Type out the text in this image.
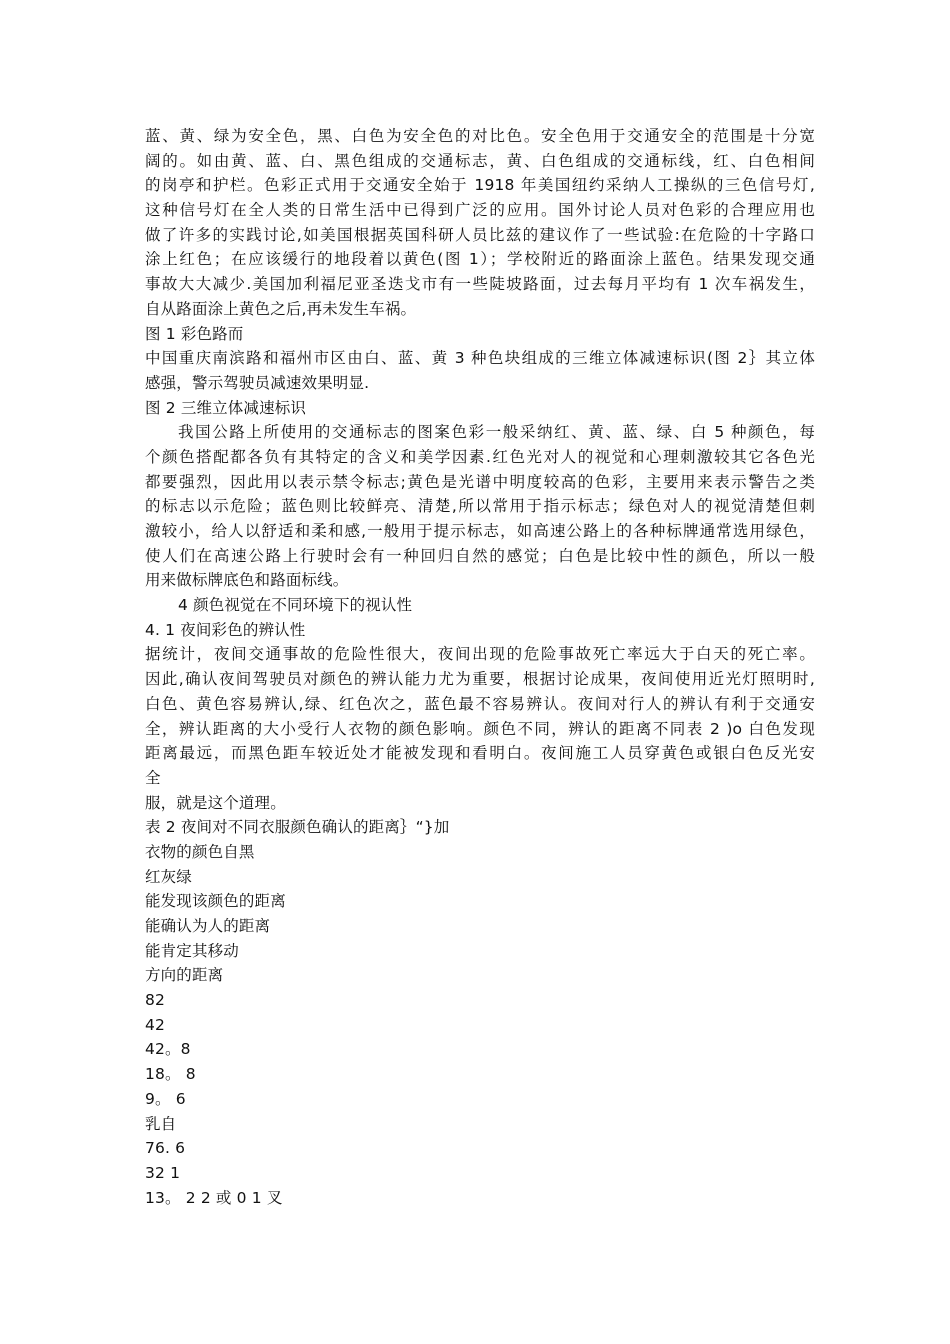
蓝、黄、绿为安全色，黑、白色为安全色的对比色。安全色用于交通安全的范围是十分宽
阔的。如由黄、蓝、白、黑色组成的交通标志，黄、白色组成的交通标线，红、白色相间
的岗亭和护栏。色彩正式用于交通安全始于 1918 年美国纽约采纳人工操纵的三色信号灯,
这种信号灯在全人类的日常生活中已得到广泛的应用。国外讨论人员对色彩的合理应用也
做了许多的实践讨论,如美国根据英国科研人员比兹的建议作了一些试验:在危险的十字路口
涂上红色；在应该缓行的地段着以黄色(图 1）；学校附近的路面涂上蓝色。结果发现交通
事故大大减少.美国加利福尼亚圣迭戈市有一些陡坡路面，过去每月平均有 1 次车祸发生，
自从路面涂上黄色之后,再未发生车祸。
图 1 彩色路而
中国重庆南滨路和福州市区由白、蓝、黄 3 种色块组成的三维立体减速标识(图 2｝其立体
感强，警示驾驶员减速效果明显.
图 2 三维立体减速标识
我国公路上所使用的交通标志的图案色彩一般采纳红、黄、蓝、绿、白 5 种颜色，每
个颜色搭配都各负有其特定的含义和美学因素.红色光对人的视觉和心理刺激较其它各色光
都要强烈，因此用以表示禁令标志;黄色是光谱中明度较高的色彩，主要用来表示警告之类
的标志以示危险；蓝色则比较鲜亮、清楚,所以常用于指示标志；绿色对人的视觉清楚但刺
激较小，给人以舒适和柔和感,一般用于提示标志，如高速公路上的各种标牌通常选用绿色，
使人们在高速公路上行驶时会有一种回归自然的感觉；白色是比较中性的颜色，所以一般
用来做标牌底色和路面标线。
4 颜色视觉在不同环境下的视认性
4. 1 夜间彩色的辨认性
据统计，夜间交通事故的危险性很大，夜间出现的危险事故死亡率远大于白天的死亡率。
因此,确认夜间驾驶员对颜色的辨认能力尤为重要，根据讨论成果，夜间使用近光灯照明时,
白色、黄色容易辨认,绿、红色次之，蓝色最不容易辨认。夜间对行人的辨认有利于交通安
全，辨认距离的大小受行人衣物的颜色影响。颜色不同，辨认的距离不同表 2 )o 白色发现
距离最远，而黑色距车较近处才能被发现和看明白。夜间施工人员穿黄色或银白色反光安
全
服，就是这个道理。
表 2 夜间对不同衣服颜色确认的距离｝“}加
衣物的颜色自黑
红灰绿
能发现该颜色的距离
能确认为人的距离
能肯定其移动
方向的距离
82
42
42。8
18。 8
9。 6
乳自
76. 6
32 1
13。 2 2 或 0 1 叉
